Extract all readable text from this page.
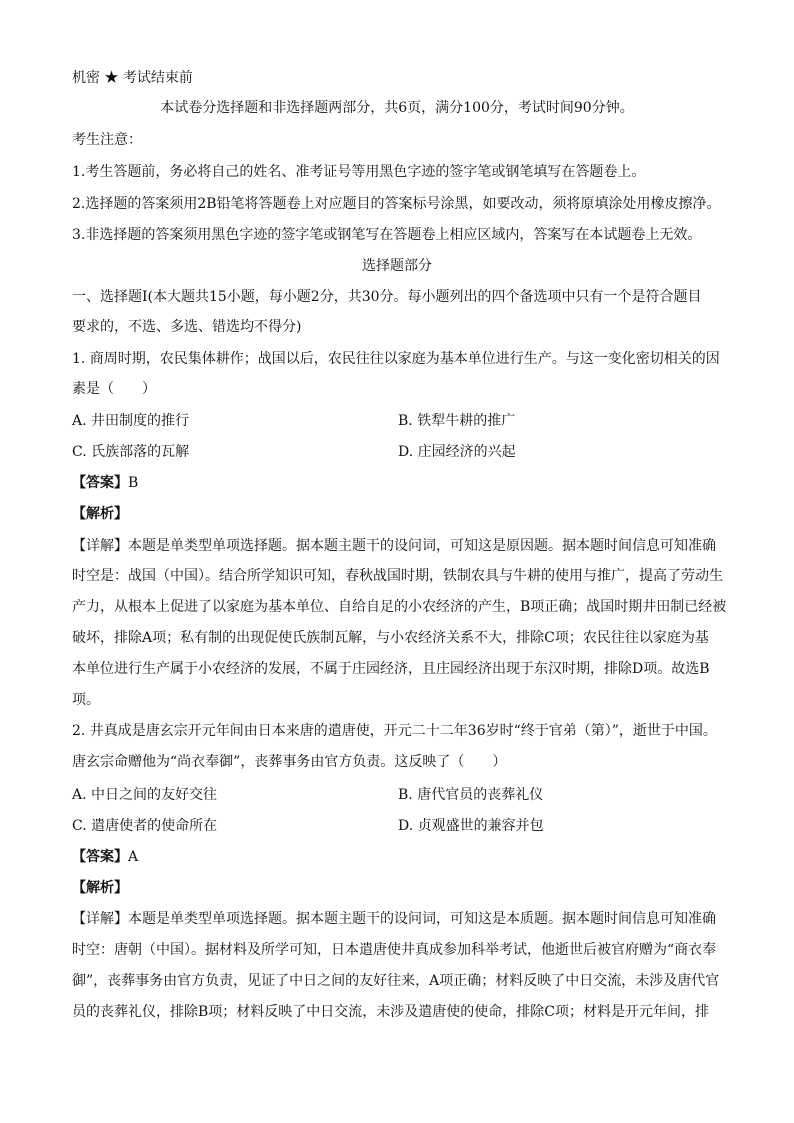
机密 ★ 考试结束前
本试卷分选择题和非选择题两部分，共6页，满分100分，考试时间90分钟。
考生注意：
1.考生答题前，务必将自己的姓名、准考证号等用黑色字迹的签字笔或钢笔填写在答题卷上。
2.选择题的答案须用2B铅笔将答题卷上对应题目的答案标号涂黑，如要改动，须将原填涂处用橡皮擦净。
3.非选择题的答案须用黑色字迹的签字笔或钢笔写在答题卷上相应区域内，答案写在本试题卷上无效。
选择题部分
一、选择题Ⅰ(本大题共15小题，每小题2分，共30分。每小题列出的四个备选项中只有一个是符合题目
要求的，不选、多选、错选均不得分)
1. 商周时期，农民集体耕作；战国以后，农民往往以家庭为基本单位进行生产。与这一变化密切相关的因
素是（　　）
A. 井田制度的推行	B. 铁犁牛耕的推广
C. 氏族部落的瓦解	D. 庄园经济的兴起
【答案】B
【解析】
【详解】本题是单类型单项选择题。据本题主题干的设问词，可知这是原因题。据本题时间信息可知准确
时空是：战国（中国）。结合所学知识可知，春秋战国时期，铁制农具与牛耕的使用与推广，提高了劳动生
产力，从根本上促进了以家庭为基本单位、自给自足的小农经济的产生，B项正确；战国时期井田制已经被
破坏，排除A项；私有制的出现促使氏族制瓦解，与小农经济关系不大，排除C项；农民往往以家庭为基
本单位进行生产属于小农经济的发展，不属于庄园经济，且庄园经济出现于东汉时期，排除D项。故选B
项。
2. 井真成是唐玄宗开元年间由日本来唐的遣唐使，开元二十二年36岁时“终于官弟（第）”，逝世于中国。
唐玄宗命赠他为“尚衣奉御”，丧葬事务由官方负责。这反映了（　　）
A. 中日之间的友好交往	B. 唐代官员的丧葬礼仪
C. 遣唐使者的使命所在	D. 贞观盛世的兼容并包
【答案】A
【解析】
【详解】本题是单类型单项选择题。据本题主题干的设问词，可知这是本质题。据本题时间信息可知准确
时空：唐朝（中国）。据材料及所学可知，日本遣唐使井真成参加科举考试，他逝世后被官府赠为“商衣奉
御”，丧葬事务由官方负责，见证了中日之间的友好往来，A项正确；材料反映了中日交流，未涉及唐代官
员的丧葬礼仪，排除B项；材料反映了中日交流，未涉及遣唐使的使命，排除C项；材料是开元年间，排
